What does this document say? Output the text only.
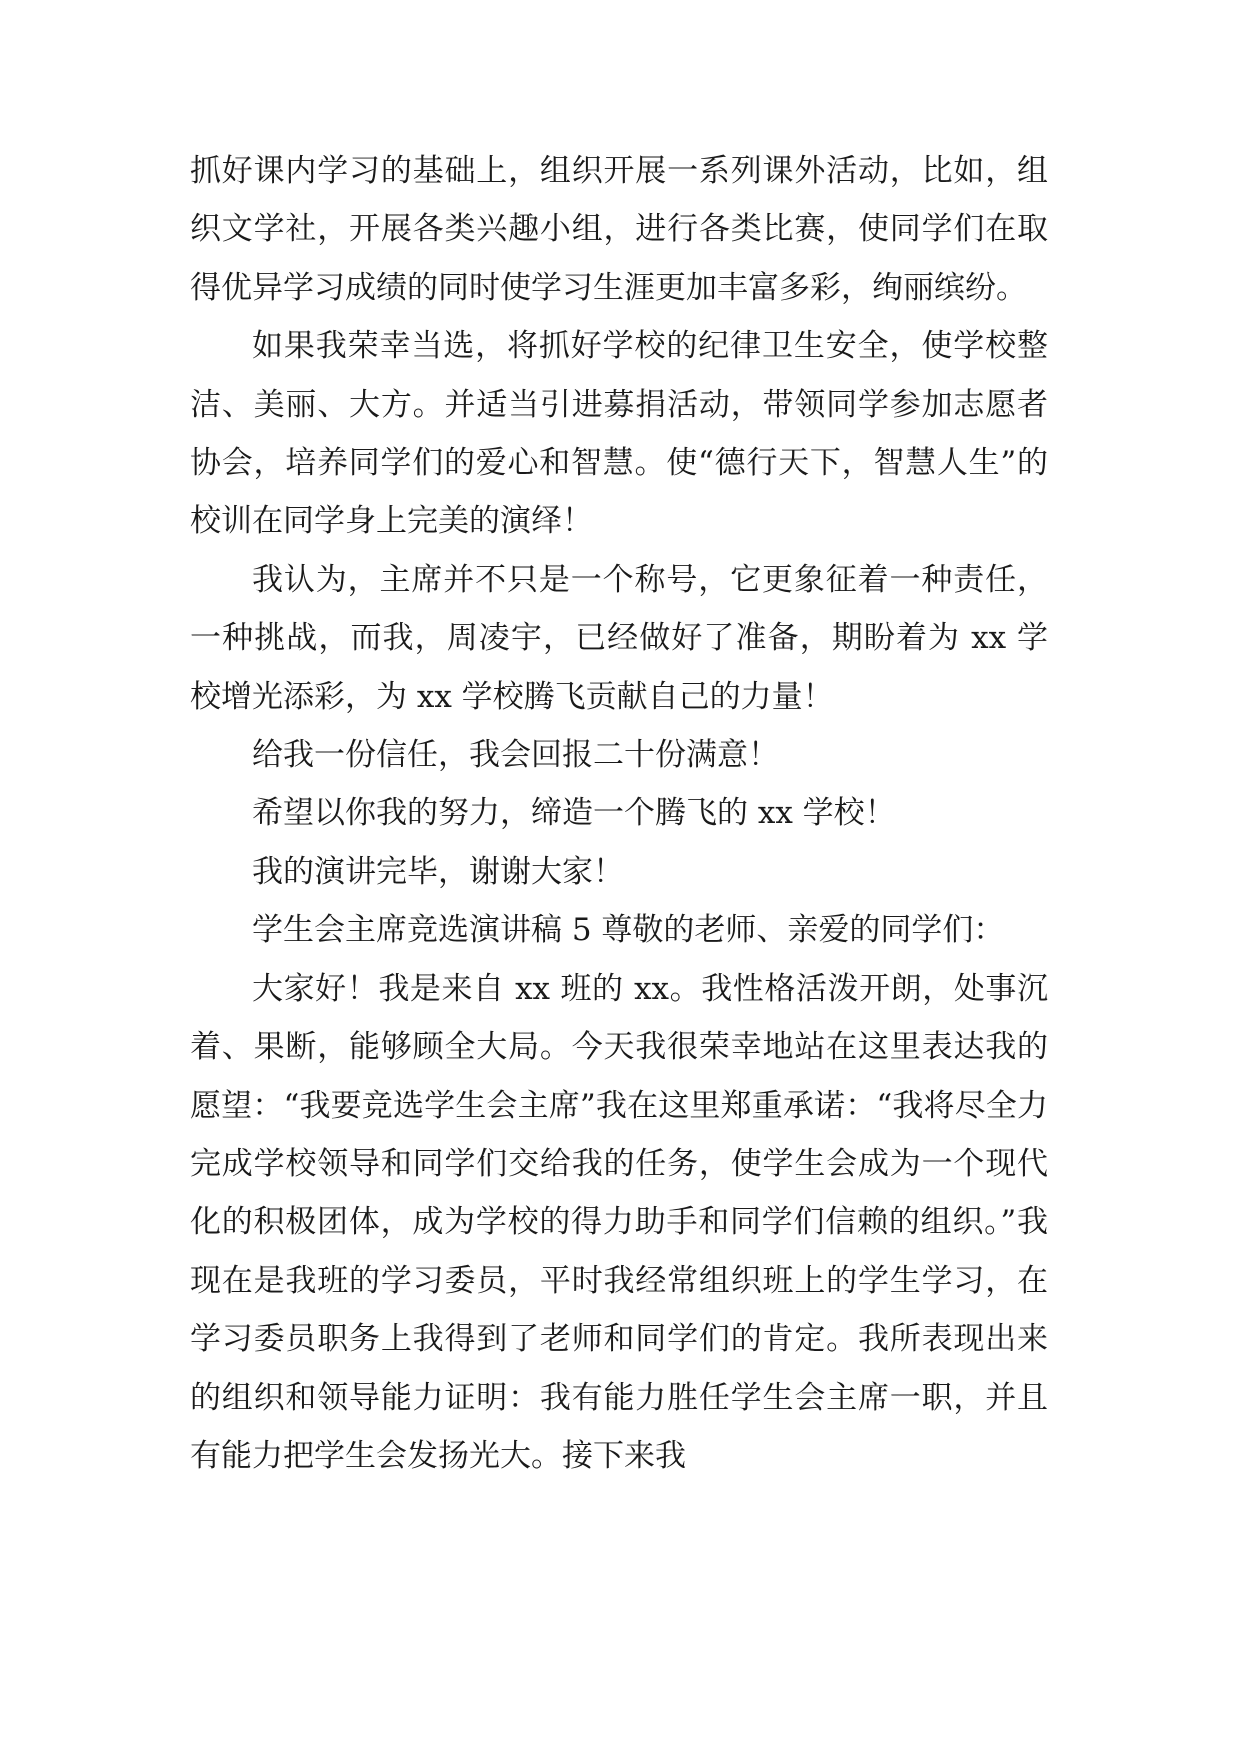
抓好课内学习的基础上，组织开展一系列课外活动，比如，组织文学社，开展各类兴趣小组，进行各类比赛，使同学们在取得优异学习成绩的同时使学习生涯更加丰富多彩，绚丽缤纷。

如果我荣幸当选，将抓好学校的纪律卫生安全，使学校整洁、美丽、大方。并适当引进募捐活动，带领同学参加志愿者协会，培养同学们的爱心和智慧。使“德行天下，智慧人生”的校训在同学身上完美的演绎！

我认为，主席并不只是一个称号，它更象征着一种责任，一种挑战，而我，周凌宇，已经做好了准备，期盼着为 xx 学校增光添彩，为 xx 学校腾飞贡献自己的力量！

给我一份信任，我会回报二十份满意！

希望以你我的努力，缔造一个腾飞的 xx 学校！

我的演讲完毕，谢谢大家！

学生会主席竞选演讲稿 5 尊敬的老师、亲爱的同学们：

大家好！我是来自 xx 班的 xx。我性格活泼开朗，处事沉着、果断，能够顾全大局。今天我很荣幸地站在这里表达我的愿望：“我要竞选学生会主席”我在这里郑重承诺：“我将尽全力完成学校领导和同学们交给我的任务，使学生会成为一个现代化的积极团体，成为学校的得力助手和同学们信赖的组织。”我现在是我班的学习委员，平时我经常组织班上的学生学习，在学习委员职务上我得到了老师和同学们的肯定。我所表现出来的组织和领导能力证明：我有能力胜任学生会主席一职，并且有能力把学生会发扬光大。接下来我
